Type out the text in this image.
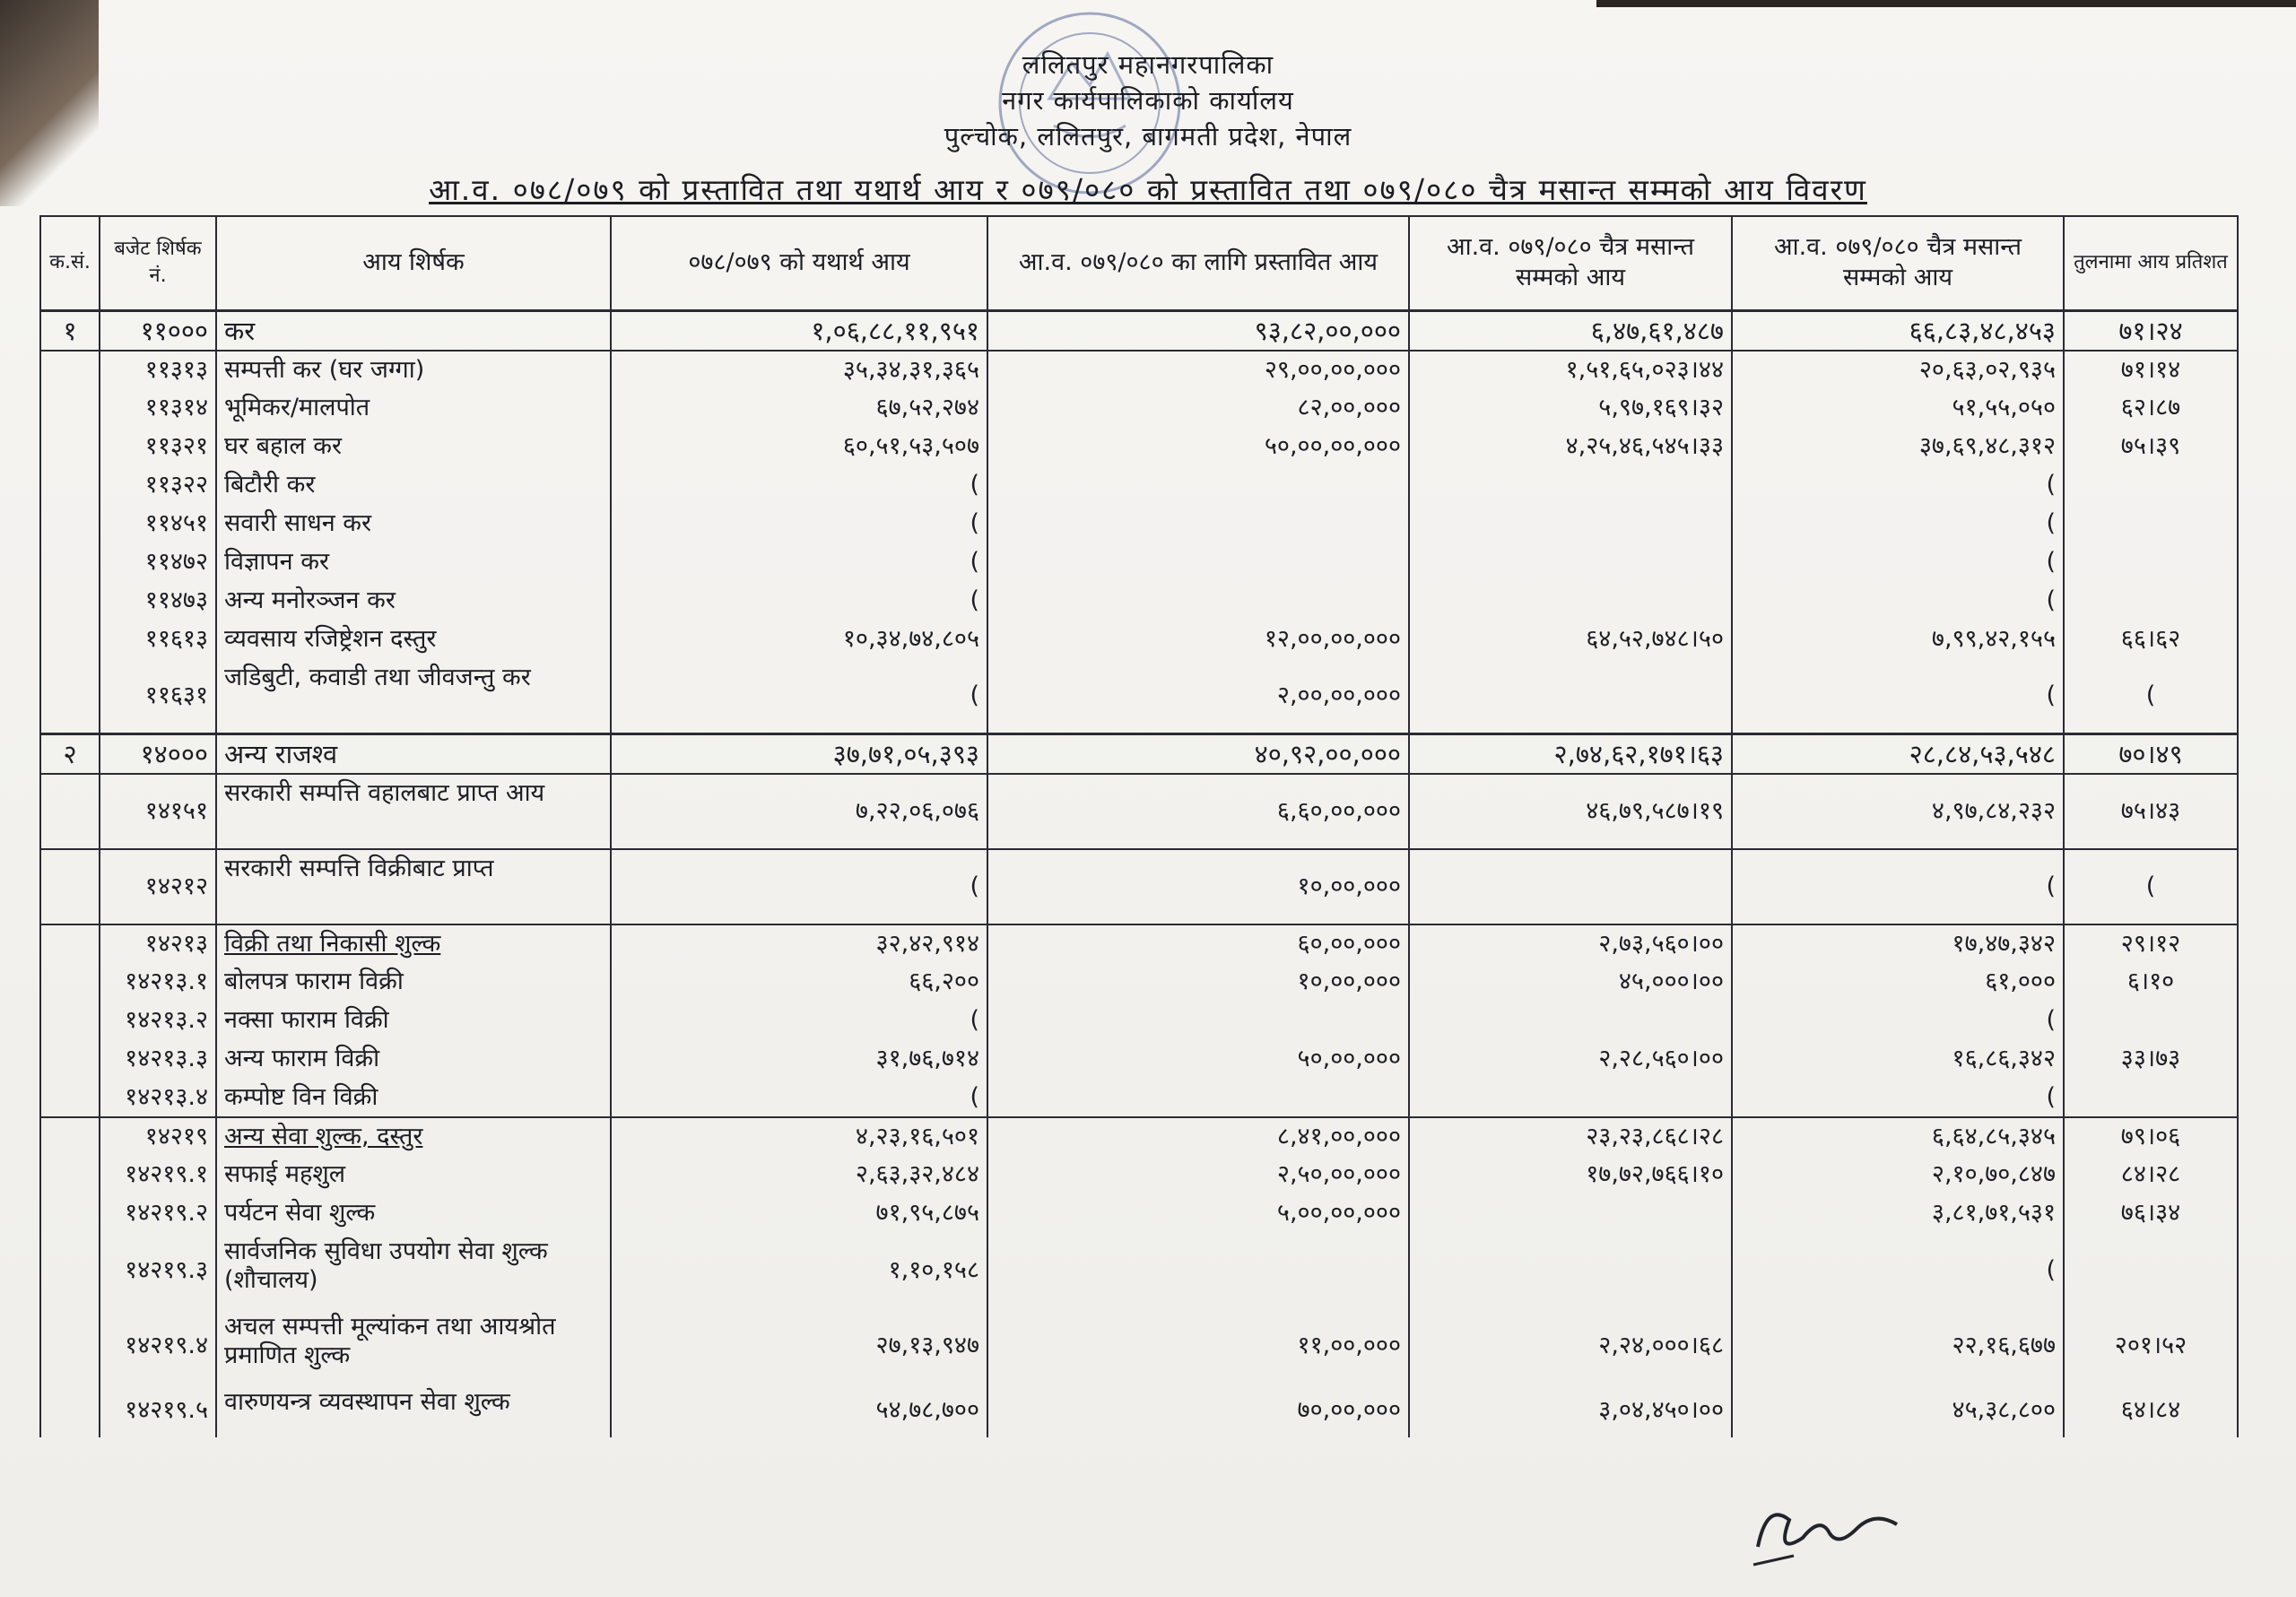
ललितपुर महानगरपालिका
नगर कार्यपालिकाको कार्यालय
पुल्चोक, ललितपुर, बागमती प्रदेश, नेपाल
आ.व. ०७८/०७९ को प्रस्तावित तथा यथार्थ आय र ०७९/०८० को प्रस्तावित तथा ०७९/०८० चैत्र मसान्त सम्मको आय विवरण
क.सं.	बजेट शिर्षक नं.	आय शिर्षक	०७८/०७९ को यथार्थ आय	आ.व. ०७९/०८० का लागि प्रस्तावित आय	आ.व. ०७९/०८० चैत्र मसान्त सम्मको आय	आ.व. ०७९/०८० चैत्र मसान्त सम्मको आय	तुलनामा आय प्रतिशत
१	११०००	कर	१,०६,८८,११,९५१	९३,८२,००,०००	६,४७,६१,४८७	६६,८३,४८,४५३	७१।२४
	११३१३	सम्पत्ती कर (घर जग्गा)	३५,३४,३१,३६५	२९,००,००,०००	१,५१,६५,०२३।४४	२०,६३,०२,९३५	७१।१४
	११३१४	भूमिकर/मालपोत	६७,५२,२७४	८२,००,०००	५,९७,१६९।३२	५१,५५,०५०	६२।८७
	११३२१	घर बहाल कर	६०,५१,५३,५०७	५०,००,००,०००	४,२५,४६,५४५।३३	३७,६९,४८,३१२	७५।३९
	११३२२	बिटौरी कर	(			(	
	११४५१	सवारी साधन कर	(			(	
	११४७२	विज्ञापन कर	(			(	
	११४७३	अन्य मनोरञ्जन कर	(			(	
	११६१३	व्यवसाय रजिष्ट्रेशन दस्तुर	१०,३४,७४,८०५	१२,००,००,०००	६४,५२,७४८।५०	७,९९,४२,१५५	६६।६२
	११६३१	जडिबुटी, कवाडी तथा जीवजन्तु कर	(	२,००,००,०००		(	(
२	१४०००	अन्य राजश्व	३७,७१,०५,३९३	४०,९२,००,०००	२,७४,६२,१७१।६३	२८,८४,५३,५४८	७०।४९
	१४१५१	सरकारी सम्पत्ति वहालबाट प्राप्त आय	७,२२,०६,०७६	६,६०,००,०००	४६,७९,५८७।१९	४,९७,८४,२३२	७५।४३
	१४२१२	सरकारी सम्पत्ति विक्रीबाट प्राप्त	(	१०,००,०००		(	(
	१४२१३	विक्री तथा निकासी शुल्क	३२,४२,९१४	६०,००,०००	२,७३,५६०।००	१७,४७,३४२	२९।१२
	१४२१३.१	बोलपत्र फाराम विक्री	६६,२००	१०,००,०००	४५,०००।००	६१,०००	६।१०
	१४२१३.२	नक्सा फाराम विक्री	(			(	
	१४२१३.३	अन्य फाराम विक्री	३१,७६,७१४	५०,००,०००	२,२८,५६०।००	१६,८६,३४२	३३।७३
	१४२१३.४	कम्पोष्ट विन विक्री	(			(	
	१४२१९	अन्य सेवा शुल्क, दस्तुर	४,२३,१६,५०१	८,४१,००,०००	२३,२३,८६८।२८	६,६४,८५,३४५	७९।०६
	१४२१९.१	सफाई महशुल	२,६३,३२,४८४	२,५०,००,०००	१७,७२,७६६।१०	२,१०,७०,८४७	८४।२८
	१४२१९.२	पर्यटन सेवा शुल्क	७१,९५,८७५	५,००,००,०००		३,८१,७१,५३१	७६।३४
	१४२१९.३	सार्वजनिक सुविधा उपयोग सेवा शुल्क (शौचालय)	१,१०,१५८			(	
	१४२१९.४	अचल सम्पत्ती मूल्यांकन तथा आयश्रोत प्रमाणित शुल्क	२७,१३,९४७	११,००,०००	२,२४,०००।६८	२२,१६,६७७	२०१।५२
	१४२१९.५	वारुणयन्त्र व्यवस्थापन सेवा शुल्क	५४,७८,७००	७०,००,०००	३,०४,४५०।००	४५,३८,८००	६४।८४
